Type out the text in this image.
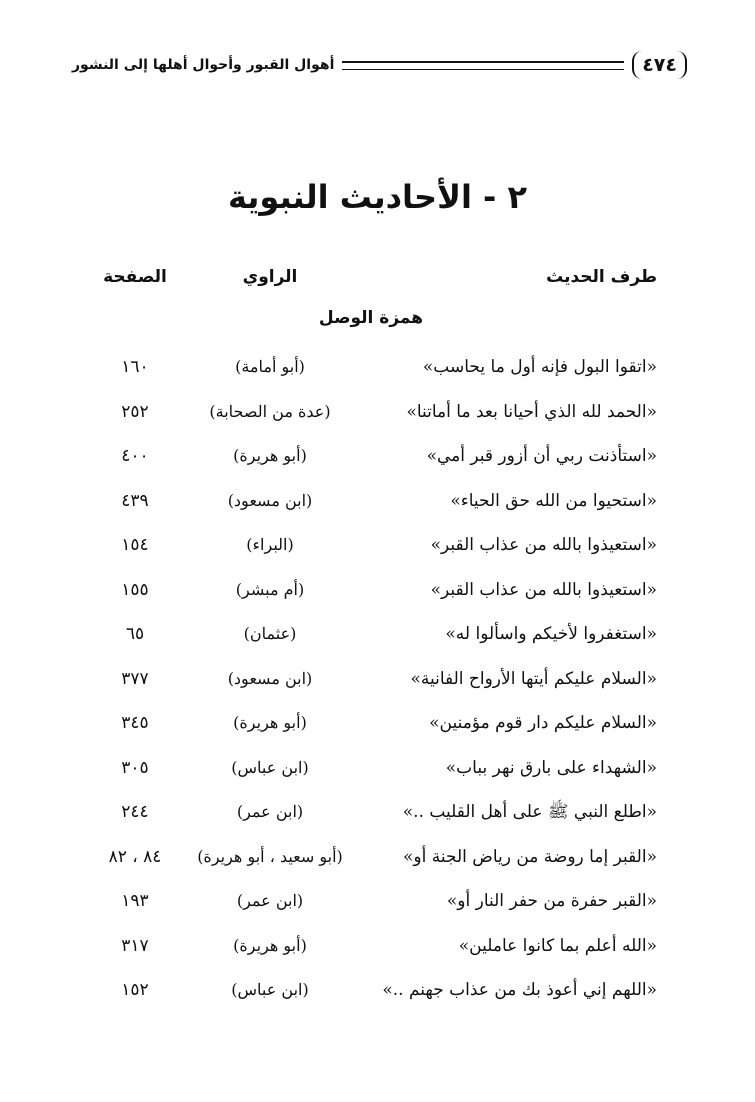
٤٧٤
أهوال القبور وأحوال أهلها إلى النشور
٢ - الأحاديث النبوية
طرف الحديث
الراوي
الصفحة
همزة الوصل
«اتقوا البول فإنه أول ما يحاسب»
(أبو أمامة)
١٦٠
«الحمد لله الذي أحيانا بعد ما أماتنا»
(عدة من الصحابة)
٢٥٢
«استأذنت ربي أن أزور قبر أمي»
(أبو هريرة)
٤٠٠
«استحيوا من الله حق الحياء»
(ابن مسعود)
٤٣٩
«استعيذوا بالله من عذاب القبر»
(البراء)
١٥٤
«استعيذوا بالله من عذاب القبر»
(أم مبشر)
١٥٥
«استغفروا لأخيكم واسألوا له»
(عثمان)
٦٥
«السلام عليكم أيتها الأرواح الفانية»
(ابن مسعود)
٣٧٧
«السلام عليكم دار قوم مؤمنين»
(أبو هريرة)
٣٤٥
«الشهداء على بارق نهر بباب»
(ابن عباس)
٣٠٥
«اطلع النبي ﷺ على أهل القليب ..»
(ابن عمر)
٢٤٤
«القبر إما روضة من رياض الجنة أو»
(أبو سعيد ، أبو هريرة)
٨٤ ، ٨٢
«القبر حفرة من حفر النار أو»
(ابن عمر)
١٩٣
«الله أعلم بما كانوا عاملين»
(أبو هريرة)
٣١٧
«اللهم إني أعوذ بك من عذاب جهنم ..»
(ابن عباس)
١٥٢
